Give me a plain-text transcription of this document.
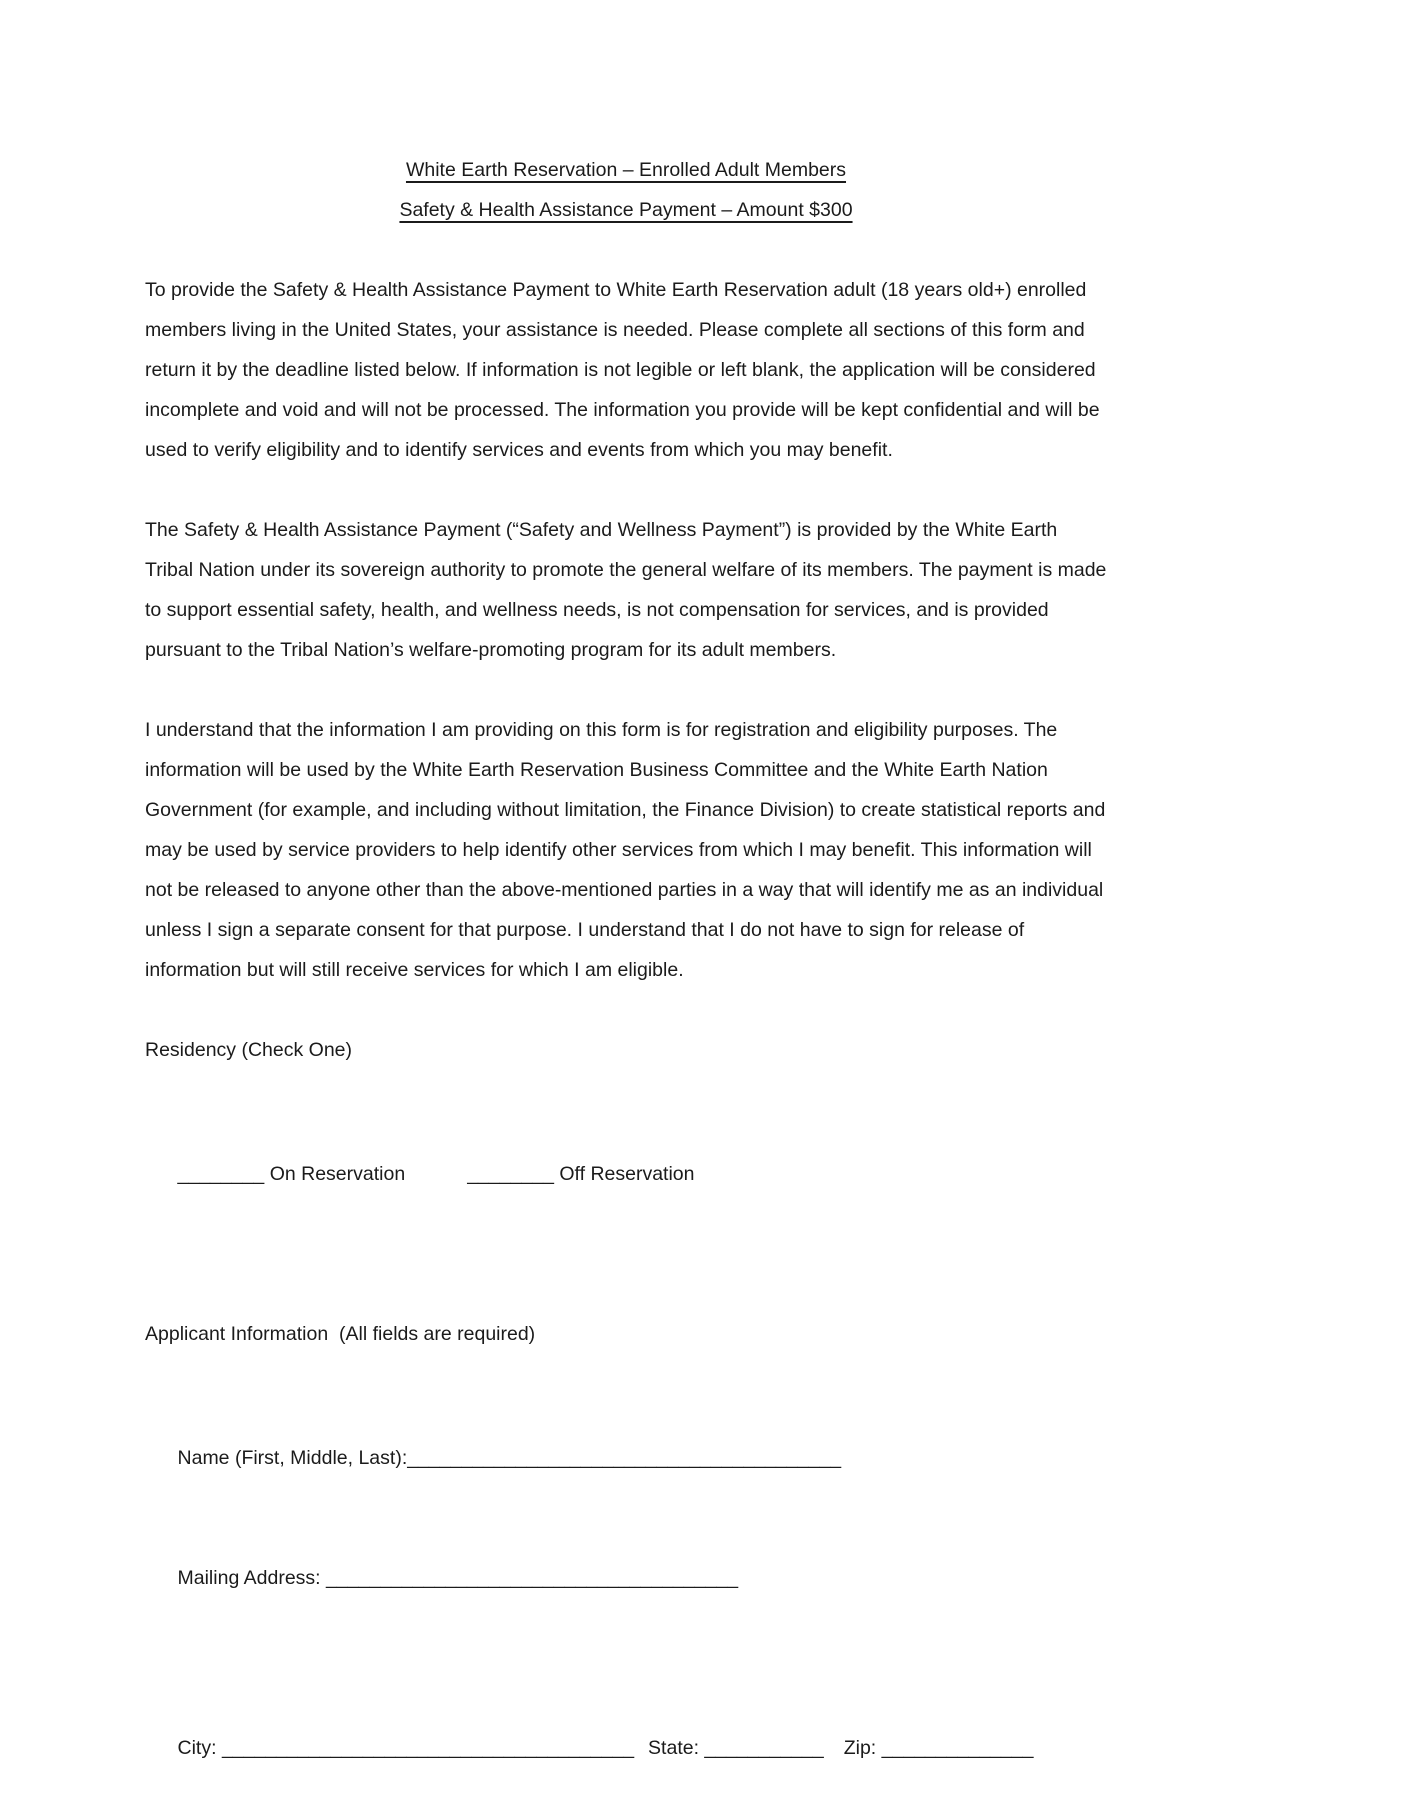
White Earth Reservation – Enrolled Adult Members
Safety & Health Assistance Payment – Amount $300

To provide the Safety & Health Assistance Payment to White Earth Reservation adult (18 years old+) enrolled members living in the United States, your assistance is needed. Please complete all sections of this form and return it by the deadline listed below. If information is not legible or left blank, the application will be considered incomplete and void and will not be processed. The information you provide will be kept confidential and will be used to verify eligibility and to identify services and events from which you may benefit.

The Safety & Health Assistance Payment (“Safety and Wellness Payment”) is provided by the White Earth Tribal Nation under its sovereign authority to promote the general welfare of its members. The payment is made to support essential safety, health, and wellness needs, is not compensation for services, and is provided pursuant to the Tribal Nation’s welfare-promoting program for its adult members.

I understand that the information I am providing on this form is for registration and eligibility purposes. The information will be used by the White Earth Reservation Business Committee and the White Earth Nation Government (for example, and including without limitation, the Finance Division) to create statistical reports and may be used by service providers to help identify other services from which I may benefit. This information will not be released to anyone other than the above-mentioned parties in a way that will identify me as an individual unless I sign a separate consent for that purpose. I understand that I do not have to sign for release of information but will still receive services for which I am eligible.

Residency (Check One)

________ On Reservation	________ Off Reservation

Applicant Information  (All fields are required)

Name (First, Middle, Last):________________________________________

Mailing Address: ______________________________________

City: ______________________________________ State: ___________ Zip: ______________
